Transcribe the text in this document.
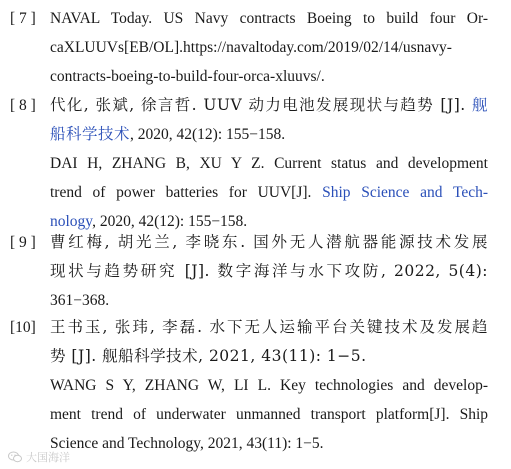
[ 7 ] NAVAL Today. US Navy contracts Boeing to build four Or-
caXLUUVs[EB/OL].https://navaltoday.com/2019/02/14/usnavy-
contracts-boeing-to-build-four-orca-xluuvs/.
[ 8 ] 代化, 张斌, 徐言哲. UUV 动力电池发展现状与趋势 [J]. 舰
船科学技术, 2020, 42(12): 155−158.
DAI H, ZHANG B, XU Y Z. Current status and development
trend of power batteries for UUV[J]. Ship Science and Tech-
nology, 2020, 42(12): 155−158.
[ 9 ] 曹红梅, 胡光兰, 李晓东. 国外无人潜航器能源技术发展
现状与趋势研究 [J]. 数字海洋与水下攻防, 2022, 5(4):
361−368.
[10] 王书玉, 张玮, 李磊. 水下无人运输平台关键技术及发展趋
势 [J]. 舰船科学技术, 2021, 43(11): 1−5.
WANG S Y, ZHANG W, LI L. Key technologies and develop-
ment trend of underwater unmanned transport platform[J]. Ship
Science and Technology, 2021, 43(11): 1−5.
大国海洋
